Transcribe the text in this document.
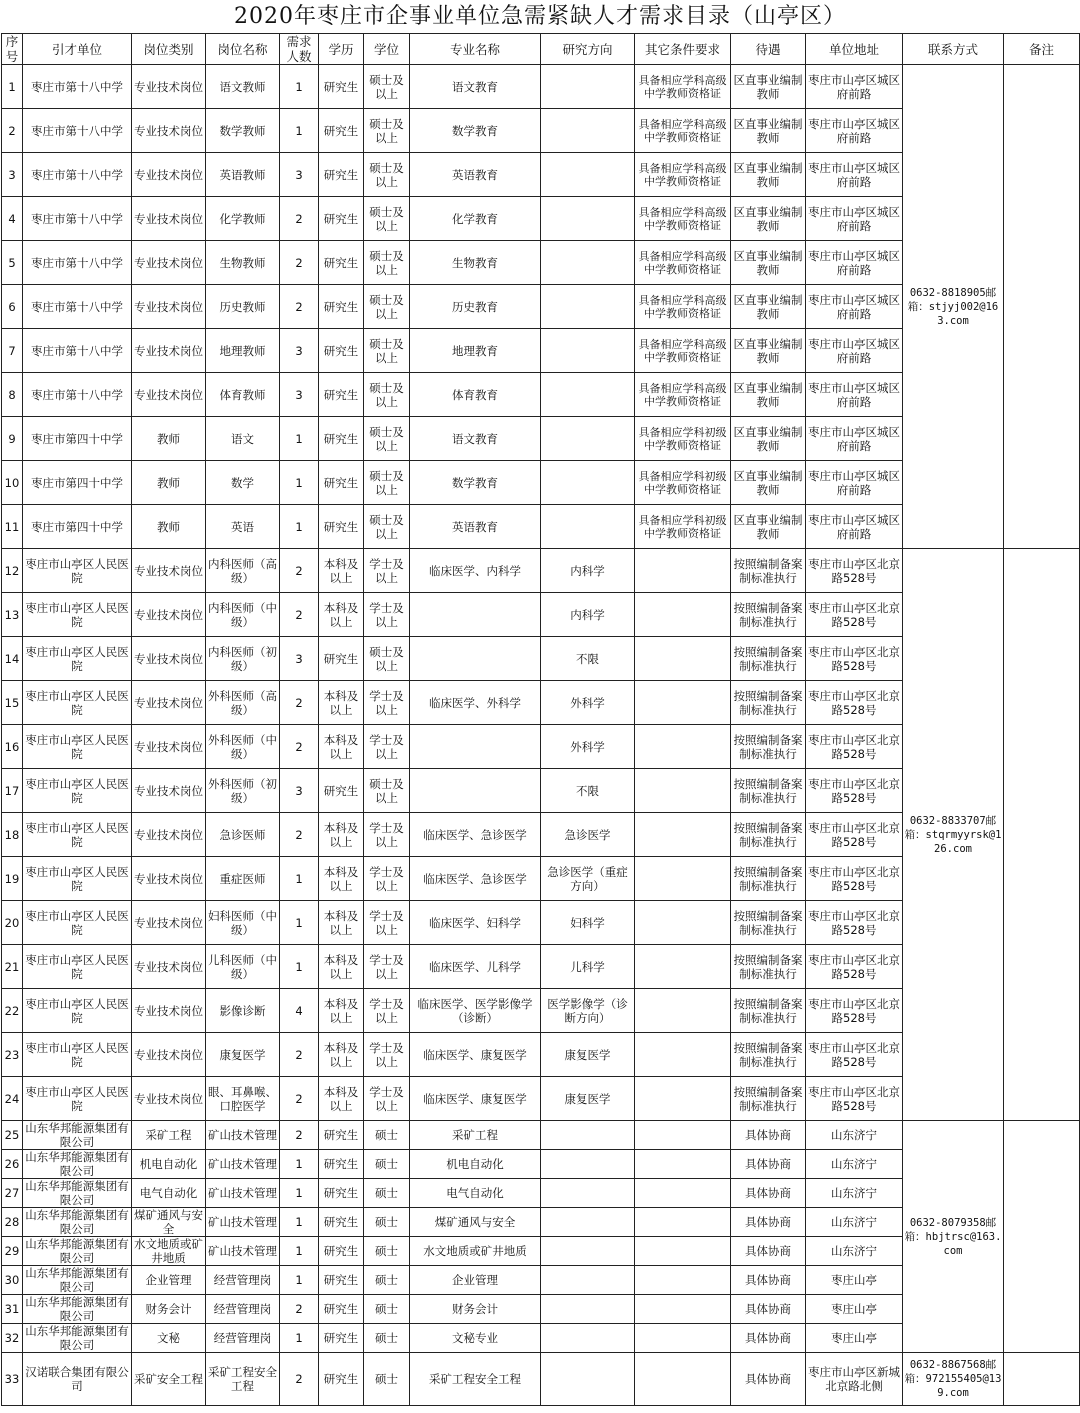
2020年枣庄市企事业单位急需紧缺人才需求目录（山亭区）
序号	引才单位	岗位类别	岗位名称	需求人数	学历	学位	专业名称	研究方向	其它条件要求	待遇	单位地址	联系方式	备注
1	枣庄市第十八中学	专业技术岗位	语文教师	1	研究生	硕士及以上	语文教育		具备相应学科高级中学教师资格证	区直事业编制教师	枣庄市山亭区城区府前路	0632-8818905邮箱：stjyj002@163.com	
2	枣庄市第十八中学	专业技术岗位	数学教师	1	研究生	硕士及以上	数学教育		具备相应学科高级中学教师资格证	区直事业编制教师	枣庄市山亭区城区府前路		
3	枣庄市第十八中学	专业技术岗位	英语教师	3	研究生	硕士及以上	英语教育		具备相应学科高级中学教师资格证	区直事业编制教师	枣庄市山亭区城区府前路		
4	枣庄市第十八中学	专业技术岗位	化学教师	2	研究生	硕士及以上	化学教育		具备相应学科高级中学教师资格证	区直事业编制教师	枣庄市山亭区城区府前路		
5	枣庄市第十八中学	专业技术岗位	生物教师	2	研究生	硕士及以上	生物教育		具备相应学科高级中学教师资格证	区直事业编制教师	枣庄市山亭区城区府前路		
6	枣庄市第十八中学	专业技术岗位	历史教师	2	研究生	硕士及以上	历史教育		具备相应学科高级中学教师资格证	区直事业编制教师	枣庄市山亭区城区府前路		
7	枣庄市第十八中学	专业技术岗位	地理教师	3	研究生	硕士及以上	地理教育		具备相应学科高级中学教师资格证	区直事业编制教师	枣庄市山亭区城区府前路		
8	枣庄市第十八中学	专业技术岗位	体育教师	3	研究生	硕士及以上	体育教育		具备相应学科高级中学教师资格证	区直事业编制教师	枣庄市山亭区城区府前路		
9	枣庄市第四十中学	教师	语文	1	研究生	硕士及以上	语文教育		具备相应学科初级中学教师资格证	区直事业编制教师	枣庄市山亭区城区府前路		
10	枣庄市第四十中学	教师	数学	1	研究生	硕士及以上	数学教育		具备相应学科初级中学教师资格证	区直事业编制教师	枣庄市山亭区城区府前路		
11	枣庄市第四十中学	教师	英语	1	研究生	硕士及以上	英语教育		具备相应学科初级中学教师资格证	区直事业编制教师	枣庄市山亭区城区府前路		
12	枣庄市山亭区人民医院	专业技术岗位	内科医师（高级）	2	本科及以上	学士及以上	临床医学、内科学	内科学		按照编制备案制标准执行	枣庄市山亭区北京路528号	0632-8833707邮箱：stqrmyyrsk@126.com	
13	枣庄市山亭区人民医院	专业技术岗位	内科医师（中级）	2	本科及以上	学士及以上		内科学		按照编制备案制标准执行	枣庄市山亭区北京路528号		
14	枣庄市山亭区人民医院	专业技术岗位	内科医师（初级）	3	研究生	硕士及以上		不限		按照编制备案制标准执行	枣庄市山亭区北京路528号		
15	枣庄市山亭区人民医院	专业技术岗位	外科医师（高级）	2	本科及以上	学士及以上	临床医学、外科学	外科学		按照编制备案制标准执行	枣庄市山亭区北京路528号		
16	枣庄市山亭区人民医院	专业技术岗位	外科医师（中级）	2	本科及以上	学士及以上		外科学		按照编制备案制标准执行	枣庄市山亭区北京路528号		
17	枣庄市山亭区人民医院	专业技术岗位	外科医师（初级）	3	研究生	硕士及以上		不限		按照编制备案制标准执行	枣庄市山亭区北京路528号		
18	枣庄市山亭区人民医院	专业技术岗位	急诊医师	2	本科及以上	学士及以上	临床医学、急诊医学	急诊医学		按照编制备案制标准执行	枣庄市山亭区北京路528号		
19	枣庄市山亭区人民医院	专业技术岗位	重症医师	1	本科及以上	学士及以上	临床医学、急诊医学	急诊医学（重症方向）		按照编制备案制标准执行	枣庄市山亭区北京路528号		
20	枣庄市山亭区人民医院	专业技术岗位	妇科医师（中级）	1	本科及以上	学士及以上	临床医学、妇科学	妇科学		按照编制备案制标准执行	枣庄市山亭区北京路528号		
21	枣庄市山亭区人民医院	专业技术岗位	儿科医师（中级）	1	本科及以上	学士及以上	临床医学、儿科学	儿科学		按照编制备案制标准执行	枣庄市山亭区北京路528号		
22	枣庄市山亭区人民医院	专业技术岗位	影像诊断	4	本科及以上	学士及以上	临床医学、医学影像学（诊断）	医学影像学（诊断方向）		按照编制备案制标准执行	枣庄市山亭区北京路528号		
23	枣庄市山亭区人民医院	专业技术岗位	康复医学	2	本科及以上	学士及以上	临床医学、康复医学	康复医学		按照编制备案制标准执行	枣庄市山亭区北京路528号		
24	枣庄市山亭区人民医院	专业技术岗位	眼、耳鼻喉、口腔医学	2	本科及以上	学士及以上	临床医学、康复医学	康复医学		按照编制备案制标准执行	枣庄市山亭区北京路528号		
25	山东华邦能源集团有限公司	采矿工程	矿山技术管理	2	研究生	硕士	采矿工程			具体协商	山东济宁	0632-8079358邮箱：hbjtrsc@163.com	
26	山东华邦能源集团有限公司	机电自动化	矿山技术管理	1	研究生	硕士	机电自动化			具体协商	山东济宁		
27	山东华邦能源集团有限公司	电气自动化	矿山技术管理	1	研究生	硕士	电气自动化			具体协商	山东济宁		
28	山东华邦能源集团有限公司	煤矿通风与安全	矿山技术管理	1	研究生	硕士	煤矿通风与安全			具体协商	山东济宁		
29	山东华邦能源集团有限公司	水文地质或矿井地质	矿山技术管理	1	研究生	硕士	水文地质或矿井地质			具体协商	山东济宁		
30	山东华邦能源集团有限公司	企业管理	经营管理岗	1	研究生	硕士	企业管理			具体协商	枣庄山亭		
31	山东华邦能源集团有限公司	财务会计	经营管理岗	2	研究生	硕士	财务会计			具体协商	枣庄山亭		
32	山东华邦能源集团有限公司	文秘	经营管理岗	1	研究生	硕士	文秘专业			具体协商	枣庄山亭		
33	汉诺联合集团有限公司	采矿安全工程	采矿工程安全工程	2	研究生	硕士	采矿工程安全工程			具体协商	枣庄市山亭区新城北京路北侧	0632-8867568邮箱：972155405@139.com	
